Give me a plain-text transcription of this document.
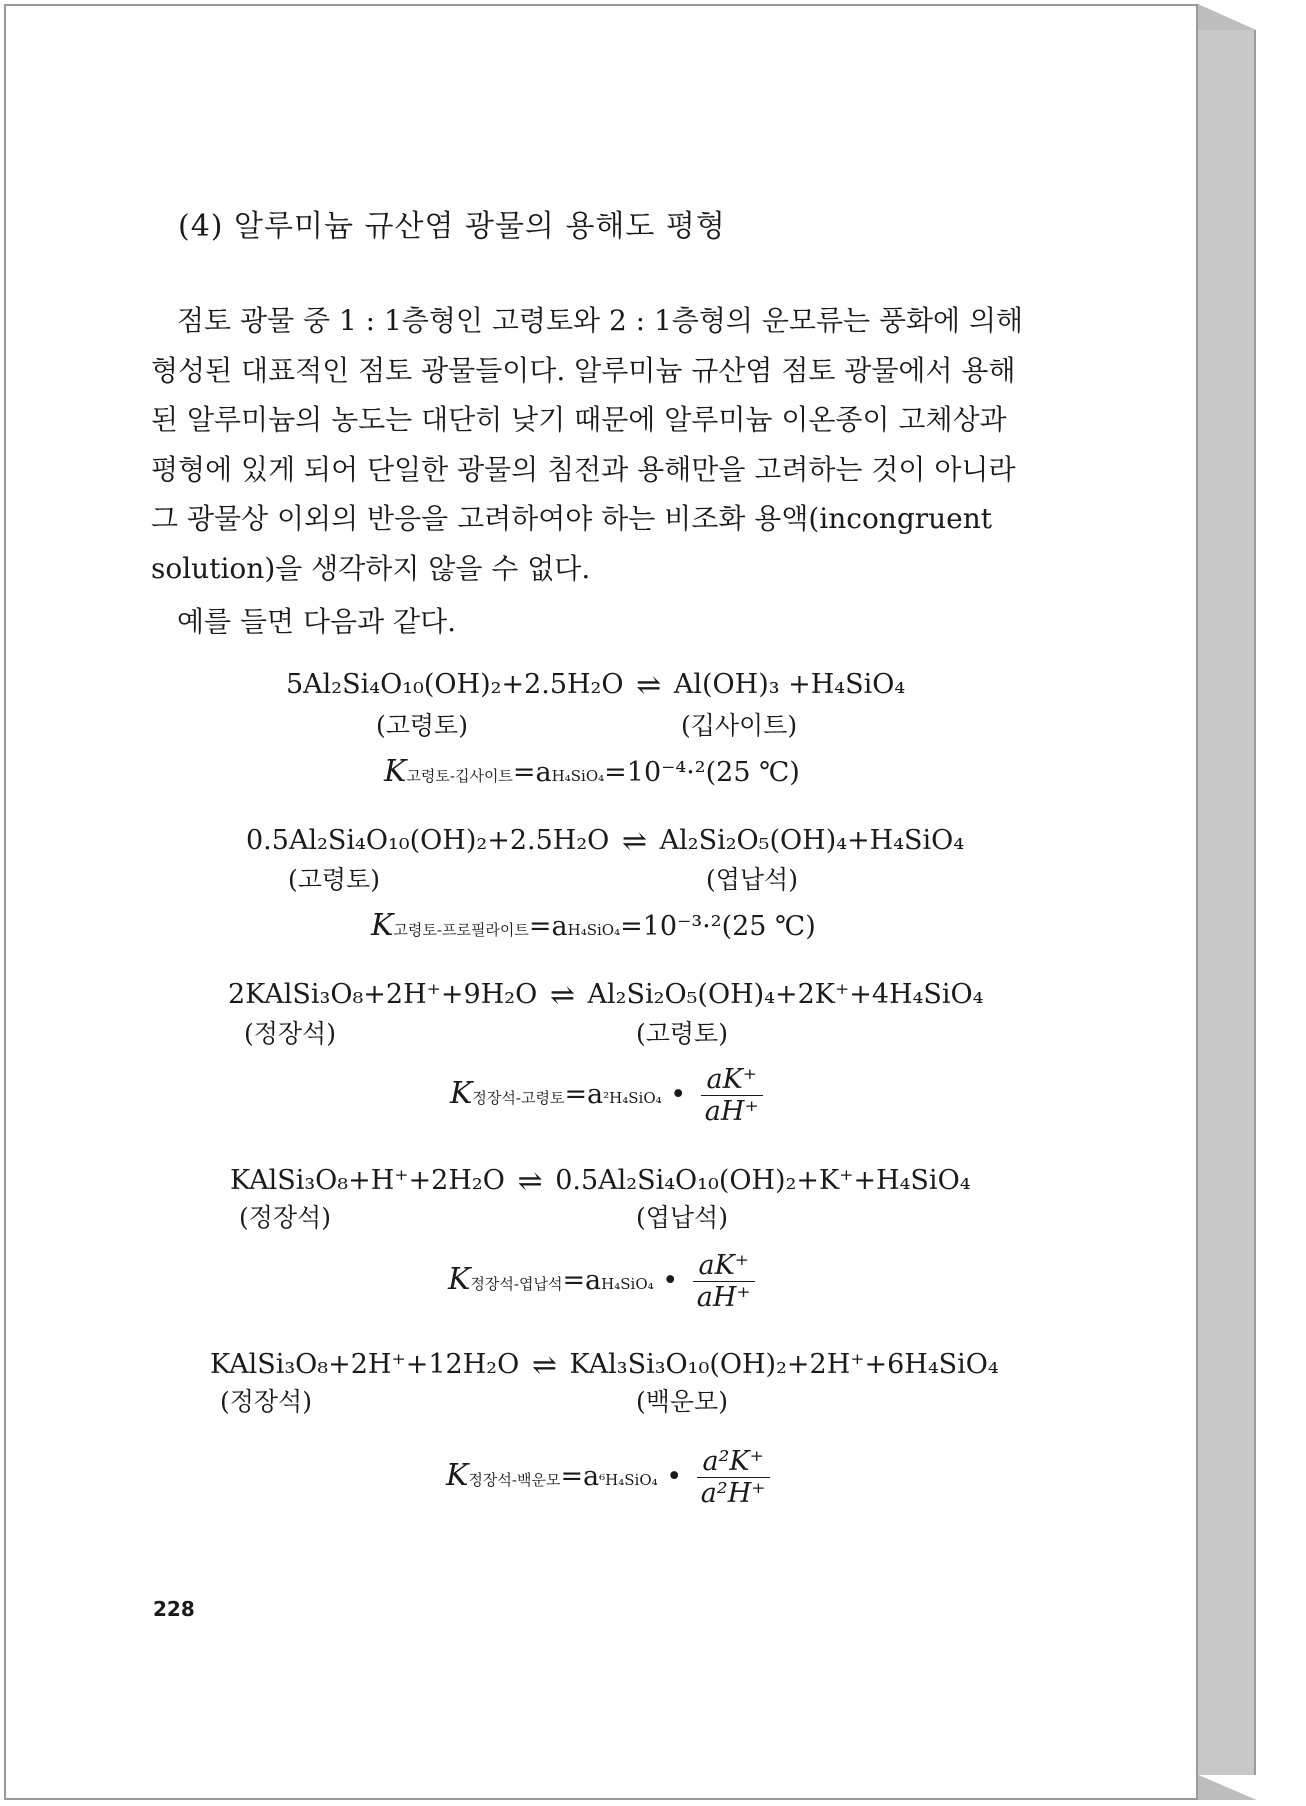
(4) 알루미늄 규산염 광물의 용해도 평형
점토 광물 중 1 : 1층형인 고령토와 2 : 1층형의 운모류는 풍화에 의해
형성된 대표적인 점토 광물들이다. 알루미늄 규산염 점토 광물에서 용해
된 알루미늄의 농도는 대단히 낮기 때문에 알루미늄 이온종이 고체상과
평형에 있게 되어 단일한 광물의 침전과 용해만을 고려하는 것이 아니라
그 광물상 이외의 반응을 고려하여야 하는 비조화 용액(incongruent
solution)을 생각하지 않을 수 없다.
예를 들면 다음과 같다.
5Al₂Si₄O₁₀(OH)₂+2.5H₂O ⇌ Al(OH)₃ +H₄SiO₄
(고령토)	(깁사이트)
K고령토-깁사이트=aH₄SiO₄=10⁻⁴·²(25 ℃)
0.5Al₂Si₄O₁₀(OH)₂+2.5H₂O ⇌ Al₂Si₂O₅(OH)₄+H₄SiO₄
(고령토)	(엽납석)
K고령토-프로필라이트=aH₄SiO₄=10⁻³·²(25 ℃)
2KAlSi₃O₈+2H⁺+9H₂O ⇌ Al₂Si₂O₅(OH)₄+2K⁺+4H₄SiO₄
(정장석)	(고령토)
K정장석-고령토=a²H₄SiO₄ • $\frac{aK^+}{aH^+}$
KAlSi₃O₈+H⁺+2H₂O ⇌ 0.5Al₂Si₄O₁₀(OH)₂+K⁺+H₄SiO₄
(정장석)	(엽납석)
K정장석-엽납석=aH₄SiO₄ • $\frac{aK^+}{aH^+}$
KAlSi₃O₈+2H⁺+12H₂O ⇌ KAl₃Si₃O₁₀(OH)₂+2H⁺+6H₄SiO₄
(정장석)	(백운모)
K정장석-백운모=a⁶H₄SiO₄ • $\frac{\text{a²K⁺}}{\text{a²H⁺}}$
228
